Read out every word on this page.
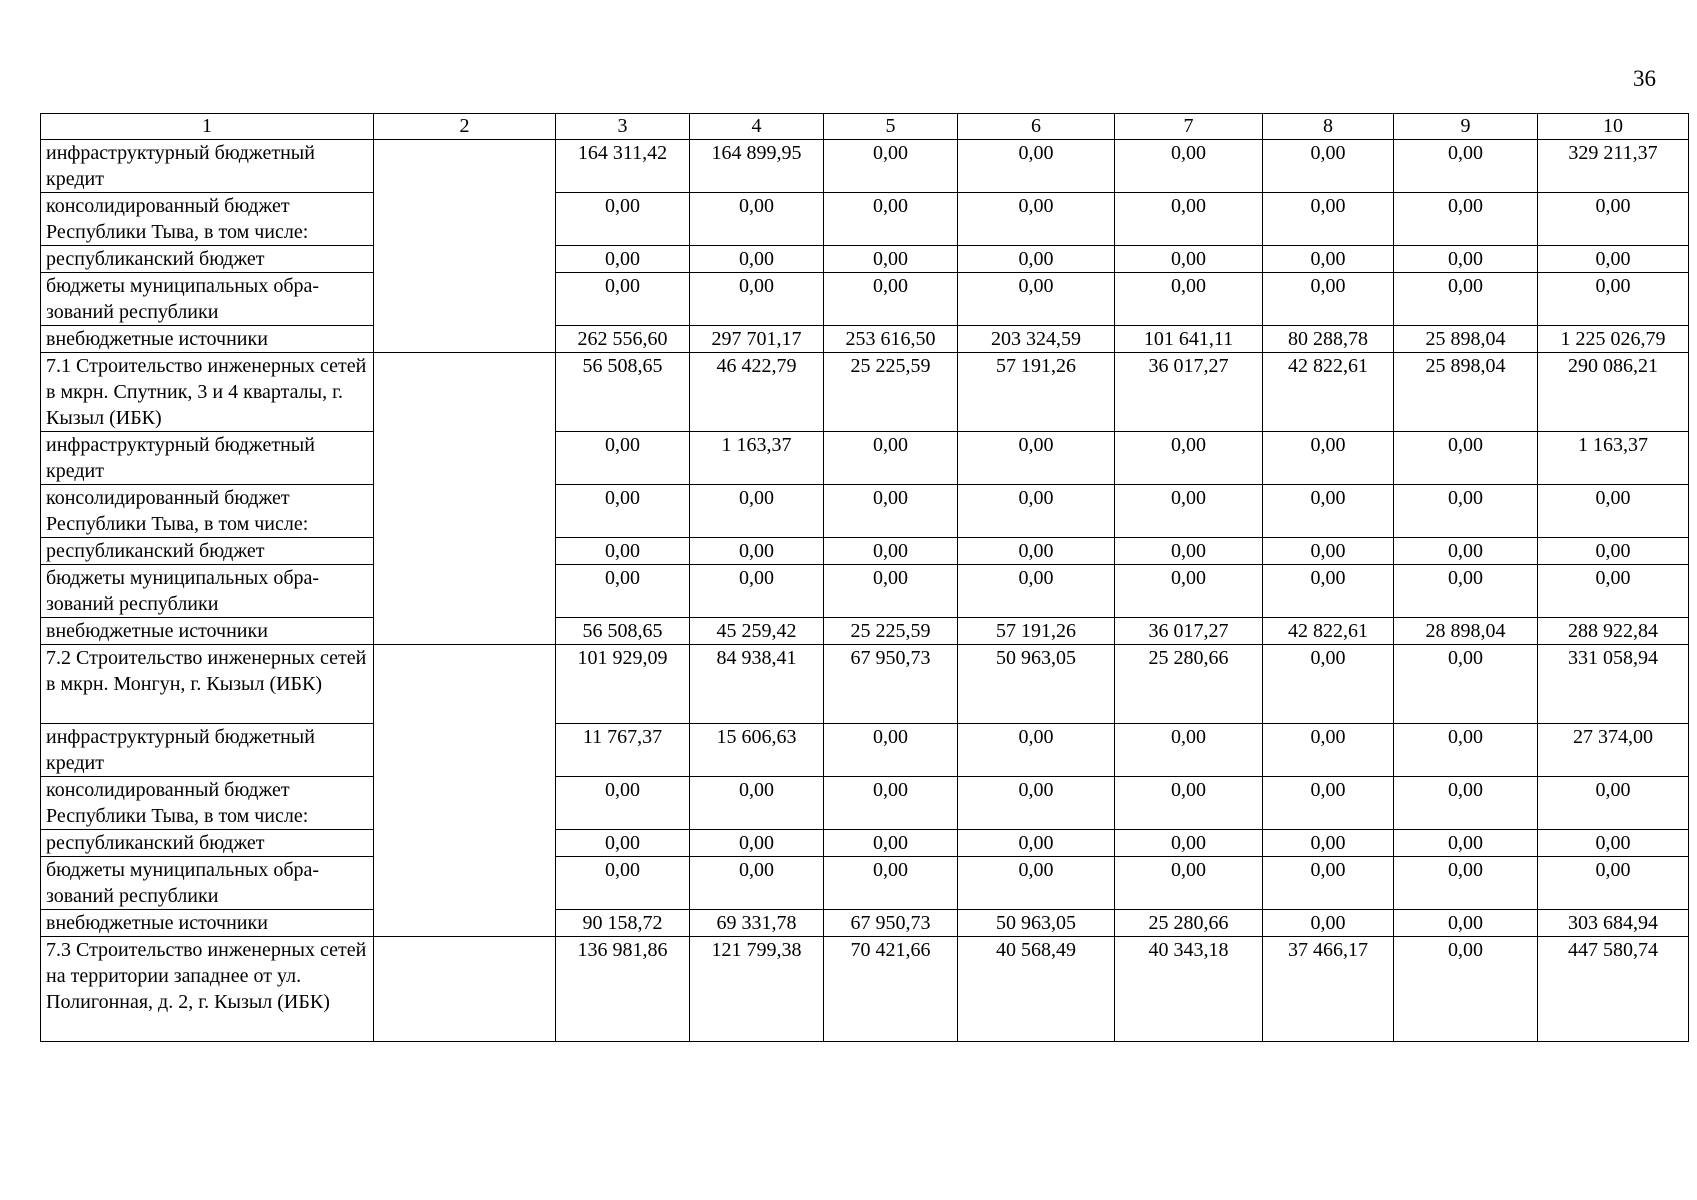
36
1	2	3	4	5	6	7	8	9	10
инфраструктурный бюджетный кредит		164 311,42	164 899,95	0,00	0,00	0,00	0,00	0,00	329 211,37
консолидированный бюджет Республики Тыва, в том числе:		0,00	0,00	0,00	0,00	0,00	0,00	0,00	0,00
республиканский бюджет		0,00	0,00	0,00	0,00	0,00	0,00	0,00	0,00
бюджеты муниципальных обра-зований республики		0,00	0,00	0,00	0,00	0,00	0,00	0,00	0,00
внебюджетные источники		262 556,60	297 701,17	253 616,50	203 324,59	101 641,11	80 288,78	25 898,04	1 225 026,79
7.1 Строительство инженерных сетей в мкрн. Спутник, 3 и 4 кварталы, г. Кызыл (ИБК)		56 508,65	46 422,79	25 225,59	57 191,26	36 017,27	42 822,61	25 898,04	290 086,21
инфраструктурный бюджетный кредит		0,00	1 163,37	0,00	0,00	0,00	0,00	0,00	1 163,37
консолидированный бюджет Республики Тыва, в том числе:		0,00	0,00	0,00	0,00	0,00	0,00	0,00	0,00
республиканский бюджет		0,00	0,00	0,00	0,00	0,00	0,00	0,00	0,00
бюджеты муниципальных обра-зований республики		0,00	0,00	0,00	0,00	0,00	0,00	0,00	0,00
внебюджетные источники		56 508,65	45 259,42	25 225,59	57 191,26	36 017,27	42 822,61	28 898,04	288 922,84
7.2 Строительство инженерных сетей в мкрн. Монгун, г. Кызыл (ИБК)		101 929,09	84 938,41	67 950,73	50 963,05	25 280,66	0,00	0,00	331 058,94
инфраструктурный бюджетный кредит		11 767,37	15 606,63	0,00	0,00	0,00	0,00	0,00	27 374,00
консолидированный бюджет Республики Тыва, в том числе:		0,00	0,00	0,00	0,00	0,00	0,00	0,00	0,00
республиканский бюджет		0,00	0,00	0,00	0,00	0,00	0,00	0,00	0,00
бюджеты муниципальных обра-зований республики		0,00	0,00	0,00	0,00	0,00	0,00	0,00	0,00
внебюджетные источники		90 158,72	69 331,78	67 950,73	50 963,05	25 280,66	0,00	0,00	303 684,94
7.3 Строительство инженерных сетей на территории западнее от ул. Полигонная, д. 2, г. Кызыл (ИБК)		136 981,86	121 799,38	70 421,66	40 568,49	40 343,18	37 466,17	0,00	447 580,74
